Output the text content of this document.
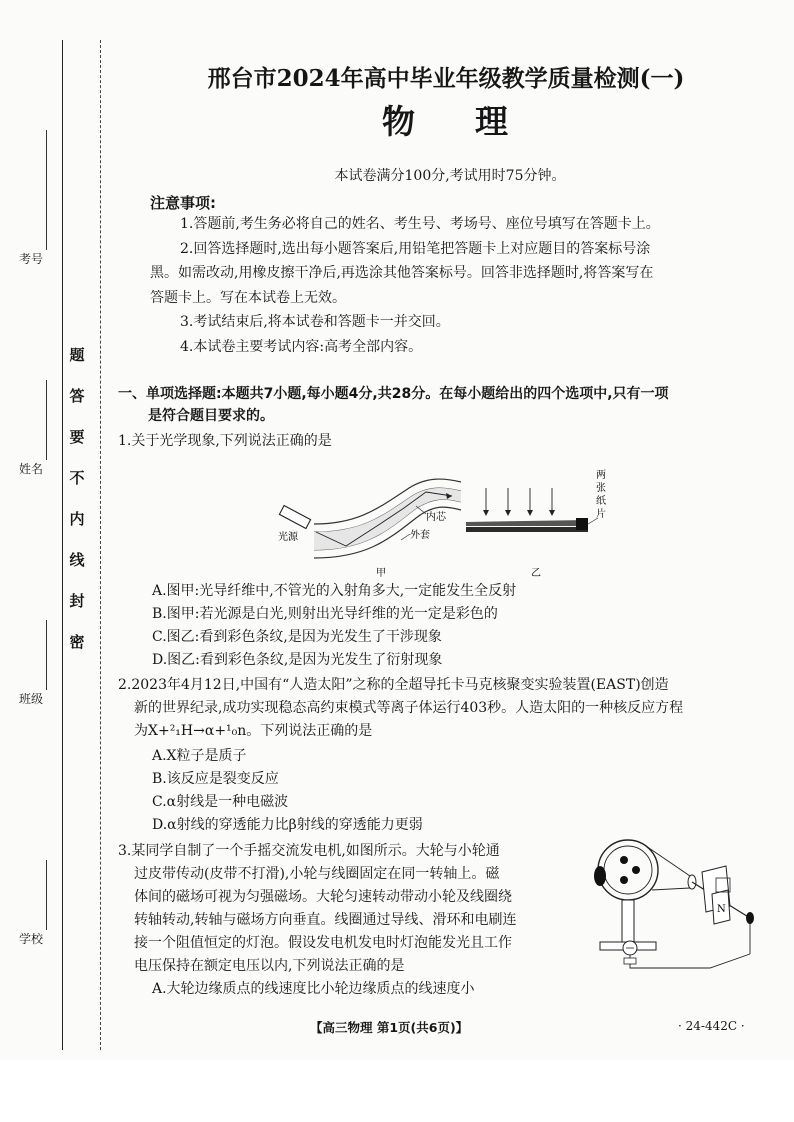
题
答
要
不
内
线
封
密
学校
班级
姓名
考号
邢台市2024年高中毕业年级教学质量检测(一)
物理
本试卷满分100分,考试用时75分钟。
注意事项:

1.答题前,考生务必将自己的姓名、考生号、考场号、座位号填写在答题卡上。

2.回答选择题时,选出每小题答案后,用铅笔把答题卡上对应题目的答案标号涂

黑。如需改动,用橡皮擦干净后,再选涂其他答案标号。回答非选择题时,将答案写在

答题卡上。写在本试卷上无效。

3.考试结束后,将本试卷和答题卡一并交回。

4.本试卷主要考试内容:高考全部内容。

一、单项选择题:本题共7小题,每小题4分,共28分。在每小题给出的四个选项中,只有一项
是符合题目要求的。
1.关于光学现象,下列说法正确的是
光源
内芯
外套
甲
两
张
纸
片
乙
A.图甲:光导纤维中,不管光的入射角多大,一定能发生全反射
B.图甲:若光源是白光,则射出光导纤维的光一定是彩色的
C.图乙:看到彩色条纹,是因为光发生了干涉现象
D.图乙:看到彩色条纹,是因为光发生了衍射现象
2.2023年4月12日,中国有“人造太阳”之称的全超导托卡马克核聚变实验装置(EAST)创造
新的世界纪录,成功实现稳态高约束模式等离子体运行403秒。人造太阳的一种核反应方程
为X+²₁H→α+¹₀n。下列说法正确的是
A.X粒子是质子
B.该反应是裂变反应
C.α射线是一种电磁波
D.α射线的穿透能力比β射线的穿透能力更弱
3.某同学自制了一个手摇交流发电机,如图所示。大轮与小轮通
过皮带传动(皮带不打滑),小轮与线圈固定在同一转轴上。磁
体间的磁场可视为匀强磁场。大轮匀速转动带动小轮及线圈绕
转轴转动,转轴与磁场方向垂直。线圈通过导线、滑环和电刷连
接一个阻值恒定的灯泡。假设发电机发电时灯泡能发光且工作
电压保持在额定电压以内,下列说法正确的是
A.大轮边缘质点的线速度比小轮边缘质点的线速度小
N
【高三物理 第1页(共6页)】	· 24-442C ·
